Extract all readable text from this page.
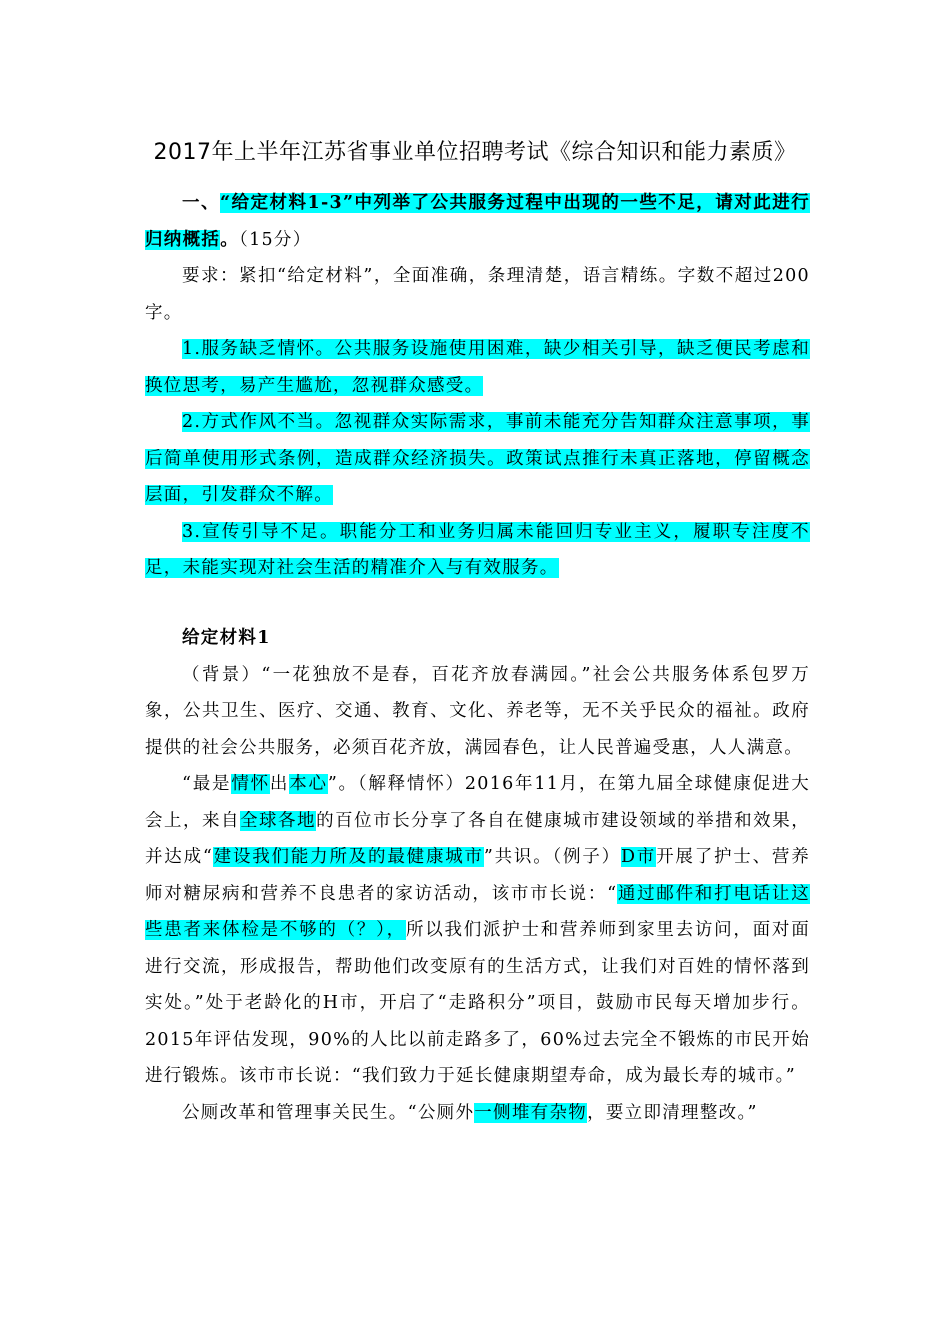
2017年上半年江苏省事业单位招聘考试《综合知识和能力素质》

一、“给定材料1-3”中列举了公共服务过程中出现的一些不足，请对此进行归纳概括。（15分）

要求：紧扣“给定材料”，全面准确，条理清楚，语言精练。字数不超过200字。

1.服务缺乏情怀。公共服务设施使用困难，缺少相关引导，缺乏便民考虑和换位思考，易产生尴尬，忽视群众感受。

2.方式作风不当。忽视群众实际需求，事前未能充分告知群众注意事项，事后简单使用形式条例，造成群众经济损失。政策试点推行未真正落地，停留概念层面，引发群众不解。

3.宣传引导不足。职能分工和业务归属未能回归专业主义，履职专注度不足，未能实现对社会生活的精准介入与有效服务。

给定材料1

（背景）“一花独放不是春，百花齐放春满园。”社会公共服务体系包罗万象，公共卫生、医疗、交通、教育、文化、养老等，无不关乎民众的福祉。政府提供的社会公共服务，必须百花齐放，满园春色，让人民普遍受惠，人人满意。

“最是情怀出本心”。（解释情怀）2016年11月，在第九届全球健康促进大会上，来自全球各地的百位市长分享了各自在健康城市建设领域的举措和效果，并达成“建设我们能力所及的最健康城市”共识。（例子）D市开展了护士、营养师对糖尿病和营养不良患者的家访活动，该市市长说：“通过邮件和打电话让这些患者来体检是不够的（？），所以我们派护士和营养师到家里去访问，面对面进行交流，形成报告，帮助他们改变原有的生活方式，让我们对百姓的情怀落到实处。”处于老龄化的H市，开启了“走路积分”项目，鼓励市民每天增加步行。2015年评估发现，90%的人比以前走路多了，60%过去完全不锻炼的市民开始进行锻炼。该市市长说：“我们致力于延长健康期望寿命，成为最长寿的城市。”

公厕改革和管理事关民生。“公厕外一侧堆有杂物，要立即清理整改。”
